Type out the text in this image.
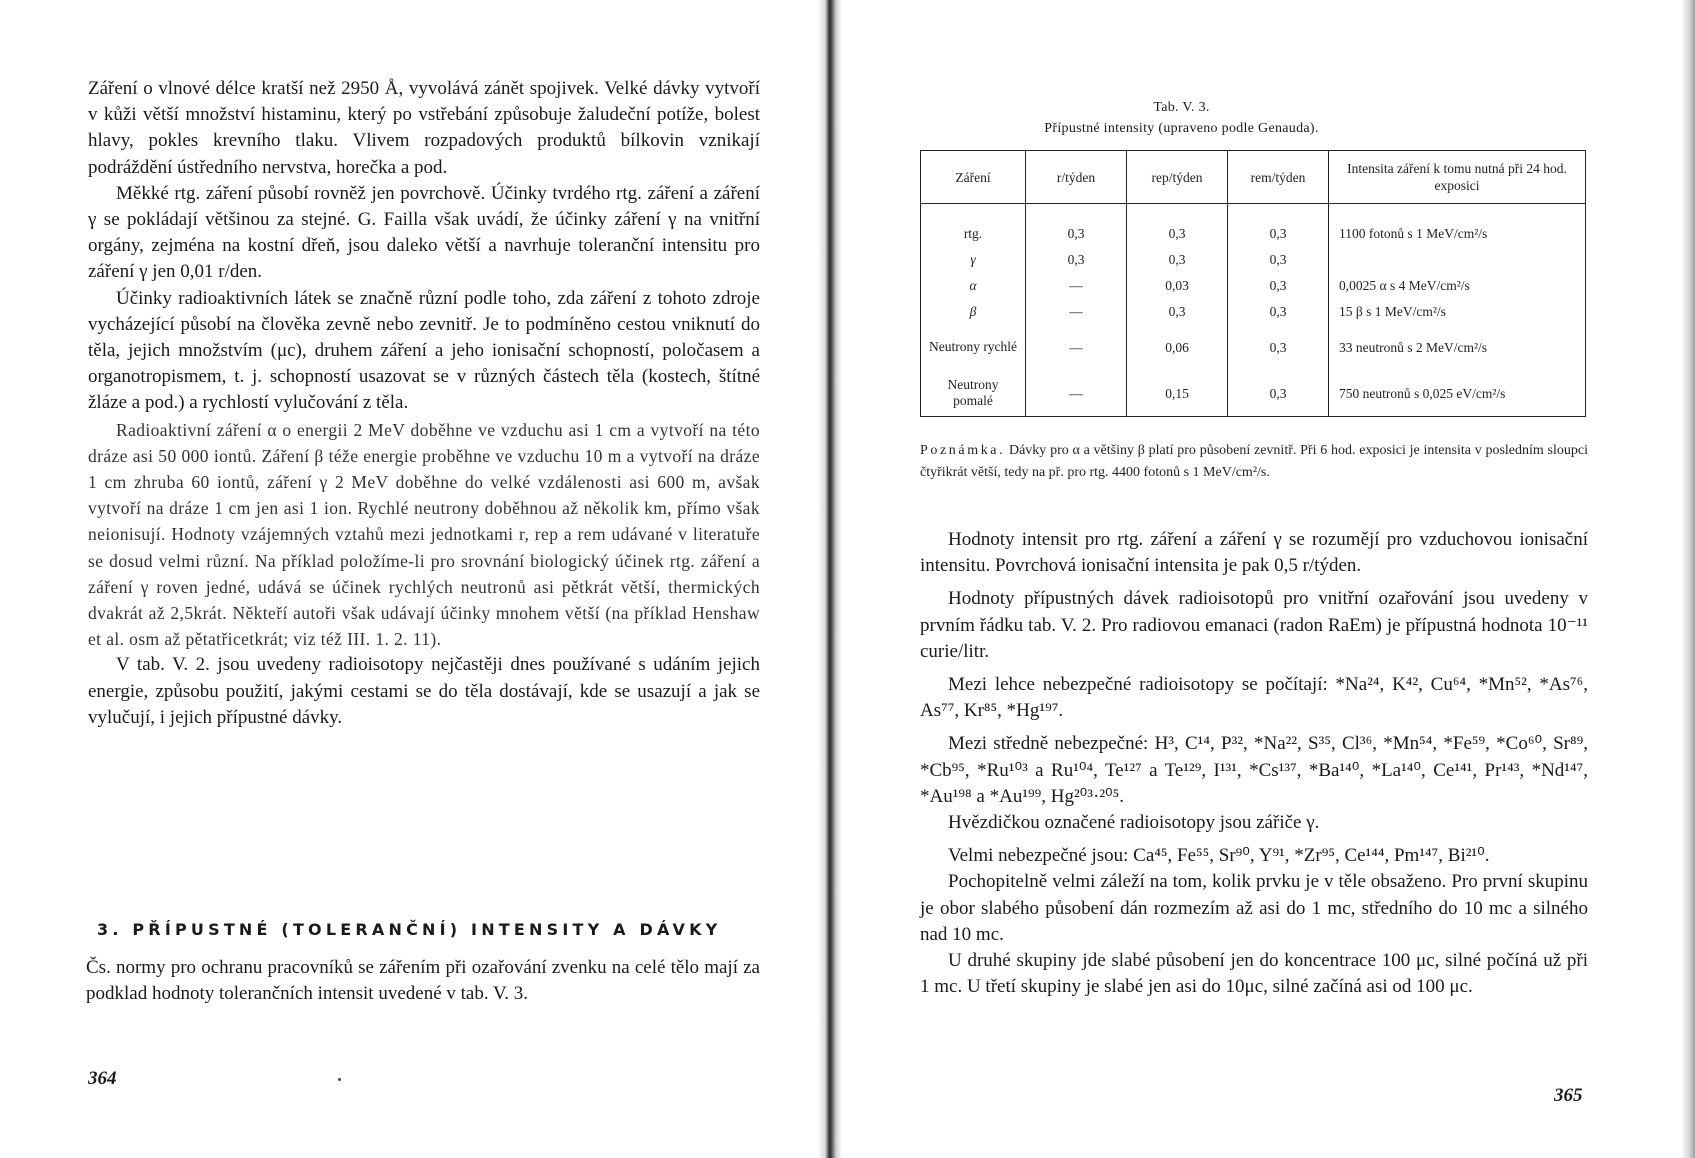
Záření o vlnové délce kratší než 2950 Å, vyvolává zánět spojivek. Velké dávky vytvoří v kůži větší množství histaminu, který po vstřebání způsobuje žaludeční potíže, bolest hlavy, pokles krevního tlaku. Vlivem rozpadových produktů bílkovin vznikají podráždění ústředního nervstva, horečka a pod.

Měkké rtg. záření působí rovněž jen povrchově. Účinky tvrdého rtg. záření a záření γ se pokládají většinou za stejné. G. Failla však uvádí, že účinky záření γ na vnitřní orgány, zejména na kostní dřeň, jsou daleko větší a navrhuje toleranční intensitu pro záření γ jen 0,01 r/den.

Účinky radioaktivních látek se značně různí podle toho, zda záření z tohoto zdroje vycházející působí na člověka zevně nebo zevnitř. Je to podmíněno cestou vniknutí do těla, jejich množstvím (μc), druhem záření a jeho ionisační schopností, poločasem a organotropismem, t. j. schopností usazovat se v různých částech těla (kostech, štítné žláze a pod.) a rychlostí vylučování z těla.

Radioaktivní záření α o energii 2 MeV doběhne ve vzduchu asi 1 cm a vytvoří na této dráze asi 50 000 iontů. Záření β téže energie proběhne ve vzduchu 10 m a vytvoří na dráze 1 cm zhruba 60 iontů, záření γ 2 MeV doběhne do velké vzdálenosti asi 600 m, avšak vytvoří na dráze 1 cm jen asi 1 ion. Rychlé neutrony doběhnou až několik km, přímo však neionisují. Hodnoty vzájemných vztahů mezi jednotkami r, rep a rem udávané v literatuře se dosud velmi různí. Na příklad položíme-li pro srovnání biologický účinek rtg. záření a záření γ roven jedné, udává se účinek rychlých neutronů asi pětkrát větší, thermických dvakrát až 2,5krát. Někteří autoři však udávají účinky mnohem větší (na příklad Henshaw et al. osm až pětatřicetkrát; viz též III. 1. 2. 11).

V tab. V. 2. jsou uvedeny radioisotopy nejčastěji dnes používané s udáním jejich energie, způsobu použití, jakými cestami se do těla dostávají, kde se usazují a jak se vylučují, i jejich přípustné dávky.

3. PŘÍPUSTNÉ (TOLERANČNÍ) INTENSITY A DÁVKY

Čs. normy pro ochranu pracovníků se zářením při ozařování zvenku na celé tělo mají za podklad hodnoty tolerančních intensit uvedené v tab. V. 3.

364
Tab. V. 3.
Přípustné intensity (upraveno podle Genauda).
Záření	r/týden	rep/týden	rem/týden	Intensita záření k tomu nutná při 24 hod. exposici
rtg.	0,3	0,3	0,3	1100 fotonů s 1 MeV/cm²/s
γ	0,3	0,3	0,3	
α	—	0,03	0,3	0,0025 α s 4 MeV/cm²/s
β	—	0,3	0,3	15 β s 1 MeV/cm²/s
Neutrony rychlé	—	0,06	0,3	33 neutronů s 2 MeV/cm²/s
Neutrony pomalé	—	0,15	0,3	750 neutronů s 0,025 eV/cm²/s
Poznámka. Dávky pro α a většiny β platí pro působení zevnitř. Při 6 hod. exposici je intensita v posledním sloupci čtyřikrát větší, tedy na př. pro rtg. 4400 fotonů s 1 MeV/cm²/s.

Hodnoty intensit pro rtg. záření a záření γ se rozumějí pro vzduchovou ionisační intensitu. Povrchová ionisační intensita je pak 0,5 r/týden.

Hodnoty přípustných dávek radioisotopů pro vnitřní ozařování jsou uvedeny v prvním řádku tab. V. 2. Pro radiovou emanaci (radon RaEm) je přípustná hodnota 10⁻¹¹ curie/litr.

Mezi lehce nebezpečné radioisotopy se počítají: *Na²⁴, K⁴², Cu⁶⁴, *Mn⁵², *As⁷⁶, As⁷⁷, Kr⁸⁵, *Hg¹⁹⁷.

Mezi středně nebezpečné: H³, C¹⁴, P³², *Na²², S³⁵, Cl³⁶, *Mn⁵⁴, *Fe⁵⁹, *Co⁶⁰, Sr⁸⁹, *Cb⁹⁵, *Ru¹⁰³ a Ru¹⁰⁴, Te¹²⁷ a Te¹²⁹, I¹³¹, *Cs¹³⁷, *Ba¹⁴⁰, *La¹⁴⁰, Ce¹⁴¹, Pr¹⁴³, *Nd¹⁴⁷, *Au¹⁹⁸ a *Au¹⁹⁹, Hg²⁰³·²⁰⁵.

Hvězdičkou označené radioisotopy jsou zářiče γ.

Velmi nebezpečné jsou: Ca⁴⁵, Fe⁵⁵, Sr⁹⁰, Y⁹¹, *Zr⁹⁵, Ce¹⁴⁴, Pm¹⁴⁷, Bi²¹⁰.

Pochopitelně velmi záleží na tom, kolik prvku je v těle obsaženo. Pro první skupinu je obor slabého působení dán rozmezím až asi do 1 mc, středního do 10 mc a silného nad 10 mc.

U druhé skupiny jde slabé působení jen do koncentrace 100 μc, silné počíná už při 1 mc. U třetí skupiny je slabé jen asi do 10μc, silné začíná asi od 100 μc.

365
